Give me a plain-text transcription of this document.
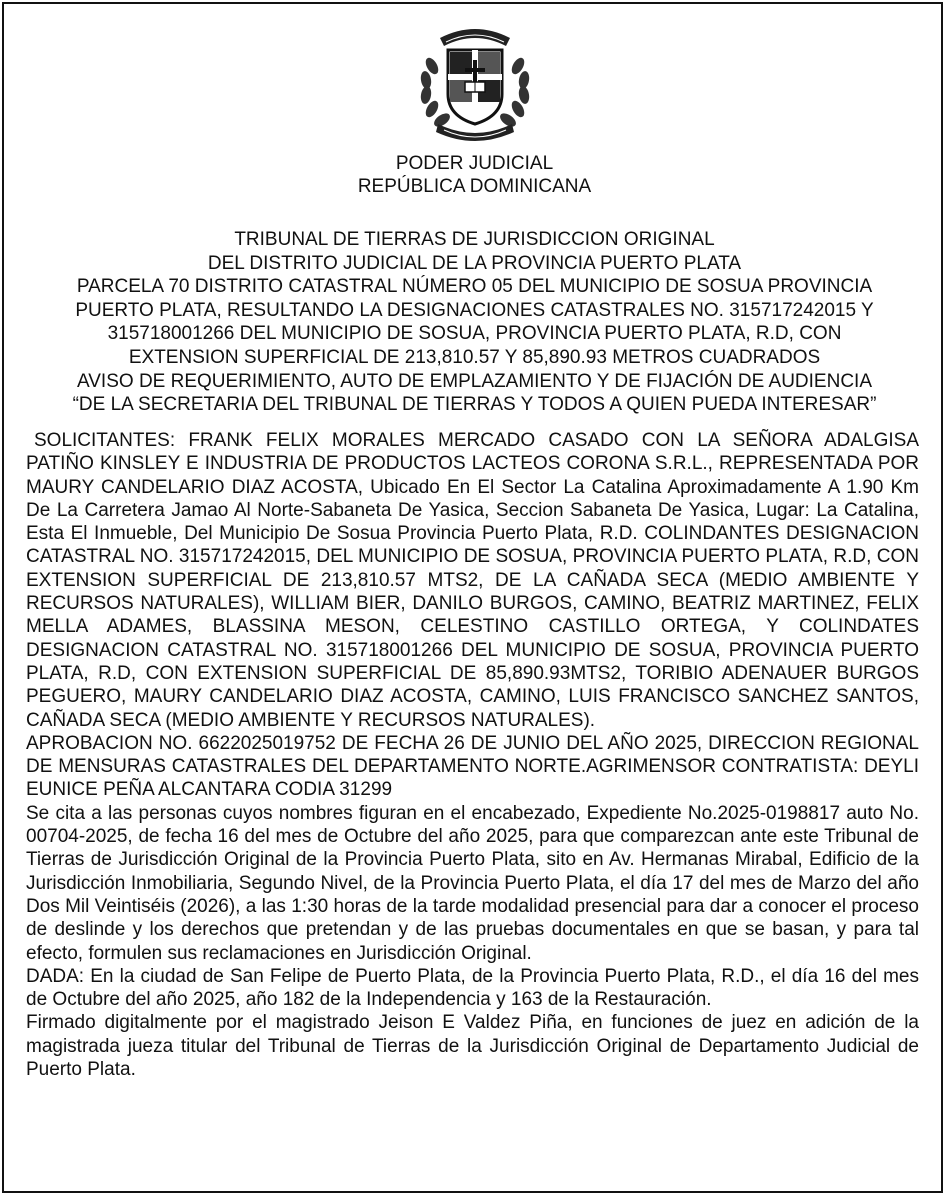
PODER JUDICIAL

REPÚBLICA DOMINICANA

TRIBUNAL DE TIERRAS DE JURISDICCION ORIGINAL

DEL DISTRITO JUDICIAL DE LA PROVINCIA PUERTO PLATA

PARCELA 70 DISTRITO CATASTRAL NÚMERO 05 DEL MUNICIPIO DE SOSUA PROVINCIA

PUERTO PLATA, RESULTANDO LA DESIGNACIONES CATASTRALES NO. 315717242015 Y

315718001266 DEL MUNICIPIO DE SOSUA, PROVINCIA PUERTO PLATA, R.D, CON

EXTENSION SUPERFICIAL DE 213,810.57 Y 85,890.93 METROS CUADRADOS

AVISO DE REQUERIMIENTO, AUTO DE EMPLAZAMIENTO Y DE FIJACIÓN DE AUDIENCIA

“DE LA SECRETARIA DEL TRIBUNAL DE TIERRAS Y TODOS A QUIEN PUEDA INTERESAR”

SOLICITANTES: FRANK FELIX MORALES MERCADO CASADO CON LA SEÑORA ADALGISA PATIÑO KINSLEY E INDUSTRIA DE PRODUCTOS LACTEOS CORONA S.R.L., REPRESENTADA POR MAURY CANDELARIO DIAZ ACOSTA, Ubicado En El Sector La Catalina Aproximadamente A 1.90 Km De La Carretera Jamao Al Norte-Sabaneta De Yasica, Seccion Sabaneta De Yasica, Lugar: La Catalina, Esta El Inmueble, Del Municipio De Sosua Provincia Puerto Plata, R.D. COLINDANTES DESIGNACION CATASTRAL NO. 315717242015, DEL MUNICIPIO DE SOSUA, PROVINCIA PUERTO PLATA, R.D, CON EXTENSION SUPERFICIAL DE 213,810.57 MTS2, DE LA CAÑADA SECA (MEDIO AMBIENTE Y RECURSOS NATURALES), WILLIAM BIER, DANILO BURGOS, CAMINO, BEATRIZ MARTINEZ, FELIX MELLA ADAMES, BLASSINA MESON, CELESTINO CASTILLO ORTEGA, Y COLINDATES DESIGNACION CATASTRAL NO. 315718001266 DEL MUNICIPIO DE SOSUA, PROVINCIA PUERTO PLATA, R.D, CON EXTENSION SUPERFICIAL DE 85,890.93MTS2, TORIBIO ADENAUER BURGOS PEGUERO, MAURY CANDELARIO DIAZ ACOSTA, CAMINO, LUIS FRANCISCO SANCHEZ SANTOS, CAÑADA SECA (MEDIO AMBIENTE Y RECURSOS NATURALES).

APROBACION NO. 6622025019752 DE FECHA 26 DE JUNIO DEL AÑO 2025, DIRECCION REGIONAL DE MENSURAS CATASTRALES DEL DEPARTAMENTO NORTE.AGRIMENSOR CONTRATISTA: DEYLI EUNICE PEÑA ALCANTARA CODIA 31299

Se cita a las personas cuyos nombres figuran en el encabezado, Expediente No.2025-0198817 auto No. 00704-2025, de fecha 16 del mes de Octubre del año 2025, para que comparezcan ante este Tribunal de Tierras de Jurisdicción Original de la Provincia Puerto Plata, sito en Av. Hermanas Mirabal, Edificio de la Jurisdicción Inmobiliaria, Segundo Nivel, de la Provincia Puerto Plata, el día 17 del mes de Marzo del año Dos Mil Veintiséis (2026), a las 1:30 horas de la tarde modalidad presencial para dar a conocer el proceso de deslinde y los derechos que pretendan y de las pruebas documentales en que se basan, y para tal efecto, formulen sus reclamaciones en Jurisdicción Original.

DADA: En la ciudad de San Felipe de Puerto Plata, de la Provincia Puerto Plata, R.D., el día 16 del mes de Octubre del año 2025, año 182 de la Independencia y 163 de la Restauración.

Firmado digitalmente por el magistrado Jeison E Valdez Piña, en funciones de juez en adición de la magistrada jueza titular del Tribunal de Tierras de la Jurisdicción Original de Departamento Judicial de Puerto Plata.
